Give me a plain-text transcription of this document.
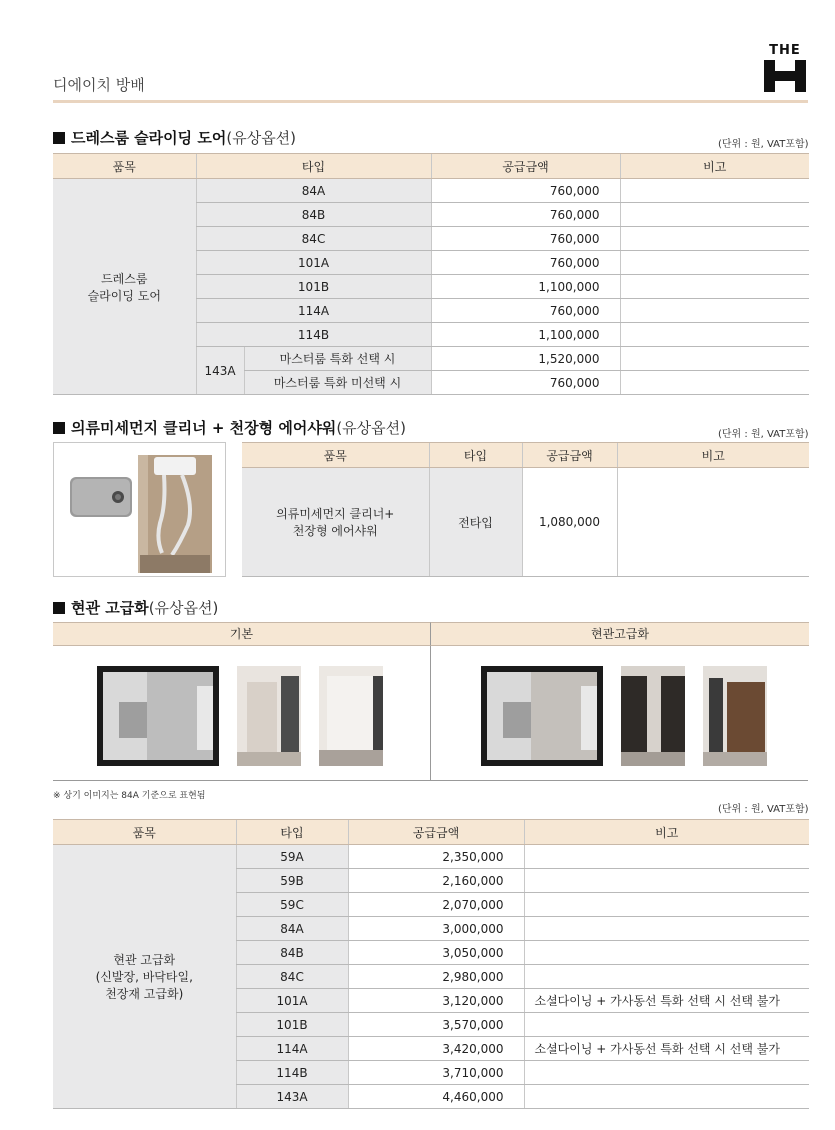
디에이치 방배
THE
드레스룸 슬라이딩 도어(유상옵션)	(단위 : 원, VAT포함)
품목	타입		공급금액	비고

드레스룸
슬라이딩 도어	84A		760,000	
	84B		760,000	
	84C		760,000	
	101A		760,000	
	101B		1,100,000	
	114A		760,000	
	114B		1,100,000	
	143A	마스터룸 특화 선택 시	1,520,000	
		마스터룸 특화 미선택 시	760,000	
의류미세먼지 클리너 + 천장형 에어샤워(유상옵션)	(단위 : 원, VAT포함)
품목	타입	공급금액	비고

의류미세먼지 클리너+
천장형 에어샤워	전타입	1,080,000	
현관 고급화(유상옵션)
기본	현관고급화
※ 상기 이미지는 84A 기준으로 표현됨
(단위 : 원, VAT포함)
품목	타입	공급금액	비고

현관 고급화
(신발장, 바닥타일,
천장재 고급화)	59A	2,350,000	
	59B	2,160,000	
	59C	2,070,000	
	84A	3,000,000	
	84B	3,050,000	
	84C	2,980,000	
	101A	3,120,000	소셜다이닝 + 가사동선 특화 선택 시 선택 불가
	101B	3,570,000	
	114A	3,420,000	소셜다이닝 + 가사동선 특화 선택 시 선택 불가
	114B	3,710,000	
	143A	4,460,000	
